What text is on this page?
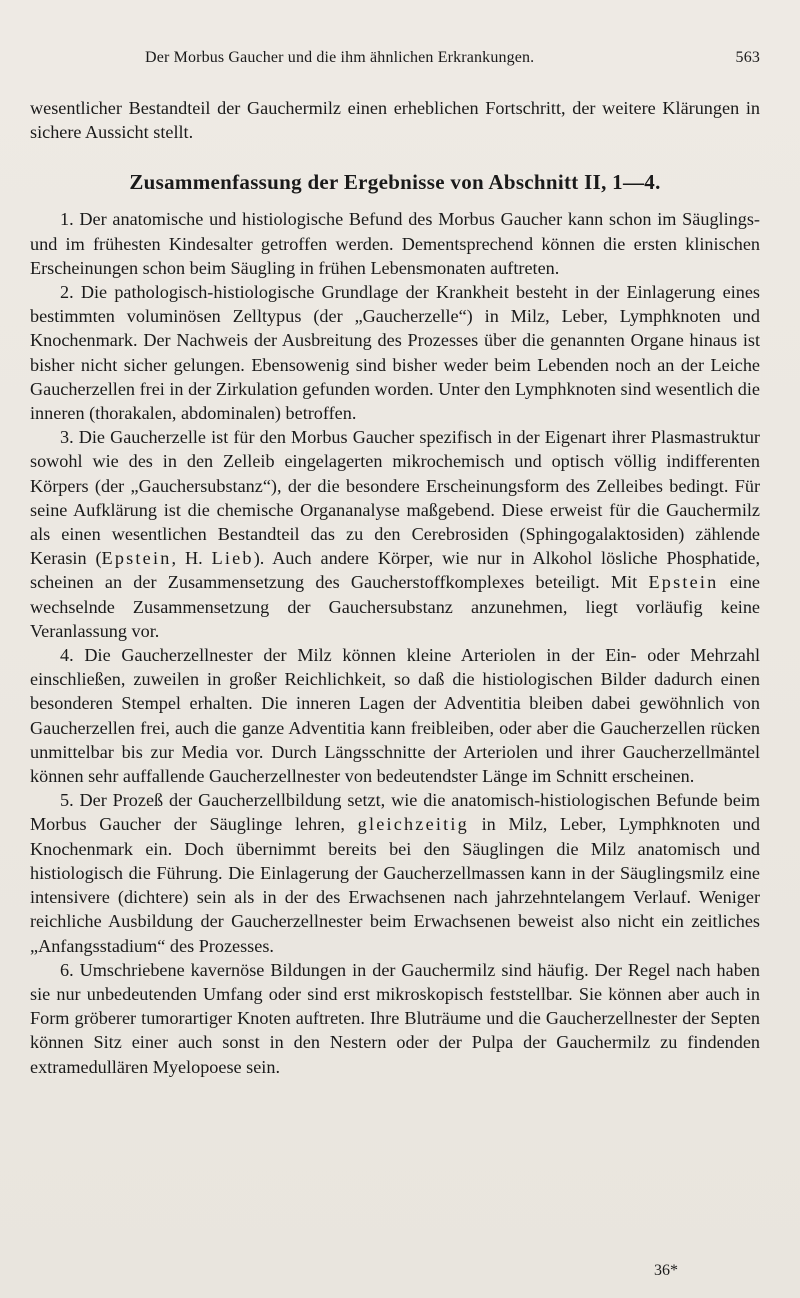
Der Morbus Gaucher und die ihm ähnlichen Erkrankungen.	563

wesentlicher Bestandteil der Gauchermilz einen erheblichen Fortschritt, der weitere Klärungen in sichere Aussicht stellt.

Zusammenfassung der Ergebnisse von Abschnitt II, 1—4.

1. Der anatomische und histiologische Befund des Morbus Gaucher kann schon im Säuglings- und im frühesten Kindesalter getroffen werden. Dementsprechend können die ersten klinischen Erscheinungen schon beim Säugling in frühen Lebensmonaten auftreten.

2. Die pathologisch-histiologische Grundlage der Krankheit besteht in der Einlagerung eines bestimmten voluminösen Zelltypus (der „Gaucherzelle“) in Milz, Leber, Lymphknoten und Knochenmark. Der Nachweis der Ausbreitung des Prozesses über die genannten Organe hinaus ist bisher nicht sicher gelungen. Ebensowenig sind bisher weder beim Lebenden noch an der Leiche Gaucherzellen frei in der Zirkulation gefunden worden. Unter den Lymphknoten sind wesentlich die inneren (thorakalen, abdominalen) betroffen.

3. Die Gaucherzelle ist für den Morbus Gaucher spezifisch in der Eigenart ihrer Plasmastruktur sowohl wie des in den Zelleib eingelagerten mikrochemisch und optisch völlig indifferenten Körpers (der „Gauchersubstanz“), der die besondere Erscheinungsform des Zelleibes bedingt. Für seine Aufklärung ist die chemische Organanalyse maßgebend. Diese erweist für die Gauchermilz als einen wesentlichen Bestandteil das zu den Cerebrosiden (Sphingogalaktosiden) zählende Kerasin (Epstein, H. Lieb). Auch andere Körper, wie nur in Alkohol lösliche Phosphatide, scheinen an der Zusammensetzung des Gaucherstoffkomplexes beteiligt. Mit Epstein eine wechselnde Zusammensetzung der Gauchersubstanz anzunehmen, liegt vorläufig keine Veranlassung vor.

4. Die Gaucherzellnester der Milz können kleine Arteriolen in der Ein- oder Mehrzahl einschließen, zuweilen in großer Reichlichkeit, so daß die histiologischen Bilder dadurch einen besonderen Stempel erhalten. Die inneren Lagen der Adventitia bleiben dabei gewöhnlich von Gaucherzellen frei, auch die ganze Adventitia kann freibleiben, oder aber die Gaucherzellen rücken unmittelbar bis zur Media vor. Durch Längsschnitte der Arteriolen und ihrer Gaucherzellmäntel können sehr auffallende Gaucherzellnester von bedeutendster Länge im Schnitt erscheinen.

5. Der Prozeß der Gaucherzellbildung setzt, wie die anatomisch-histiologischen Befunde beim Morbus Gaucher der Säuglinge lehren, gleichzeitig in Milz, Leber, Lymphknoten und Knochenmark ein. Doch übernimmt bereits bei den Säuglingen die Milz anatomisch und histiologisch die Führung. Die Einlagerung der Gaucherzellmassen kann in der Säuglingsmilz eine intensivere (dichtere) sein als in der des Erwachsenen nach jahrzehntelangem Verlauf. Weniger reichliche Ausbildung der Gaucherzellnester beim Erwachsenen beweist also nicht ein zeitliches „Anfangsstadium“ des Prozesses.

6. Umschriebene kavernöse Bildungen in der Gauchermilz sind häufig. Der Regel nach haben sie nur unbedeutenden Umfang oder sind erst mikroskopisch feststellbar. Sie können aber auch in Form gröberer tumorartiger Knoten auftreten. Ihre Bluträume und die Gaucherzellnester der Septen können Sitz einer auch sonst in den Nestern oder der Pulpa der Gauchermilz zu findenden extramedullären Myelopoese sein.

36*
